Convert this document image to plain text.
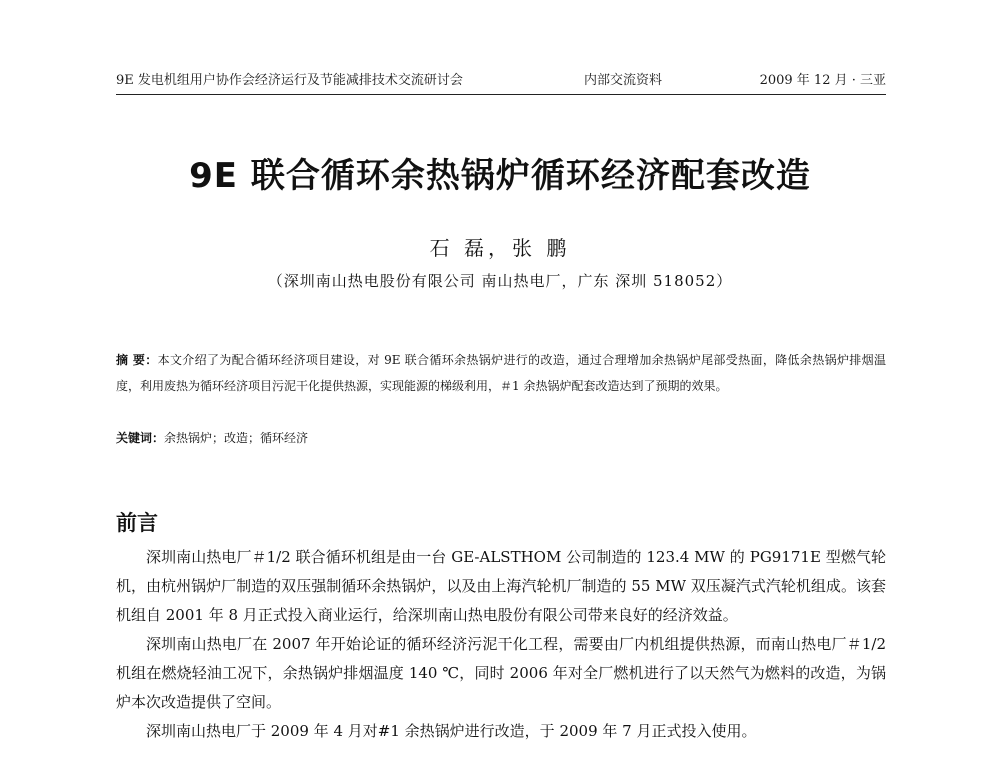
9E 发电机组用户协作会经济运行及节能减排技术交流研讨会	内部交流资料	2009 年 12 月 · 三亚
9E 联合循环余热锅炉循环经济配套改造
石 磊，张 鹏
（深圳南山热电股份有限公司 南山热电厂，广东 深圳 518052）
摘 要：本文介绍了为配合循环经济项目建设，对 9E 联合循环余热锅炉进行的改造，通过合理增加余热锅炉尾部受热面，降低余热锅炉排烟温度，利用废热为循环经济项目污泥干化提供热源，实现能源的梯级利用，＃1 余热锅炉配套改造达到了预期的效果。
关键词：余热锅炉；改造；循环经济
前言

深圳南山热电厂＃1/2 联合循环机组是由一台 GE-ALSTHOM 公司制造的 123.4 MW 的 PG9171E 型燃气轮机，由杭州锅炉厂制造的双压强制循环余热锅炉，以及由上海汽轮机厂制造的 55 MW 双压凝汽式汽轮机组成。该套机组自 2001 年 8 月正式投入商业运行，给深圳南山热电股份有限公司带来良好的经济效益。

深圳南山热电厂在 2007 年开始论证的循环经济污泥干化工程，需要由厂内机组提供热源，而南山热电厂＃1/2 机组在燃烧轻油工况下，余热锅炉排烟温度 140 ℃，同时 2006 年对全厂燃机进行了以天然气为燃料的改造，为锅炉本次改造提供了空间。

深圳南山热电厂于 2009 年 4 月对#1 余热锅炉进行改造，于 2009 年 7 月正式投入使用。
